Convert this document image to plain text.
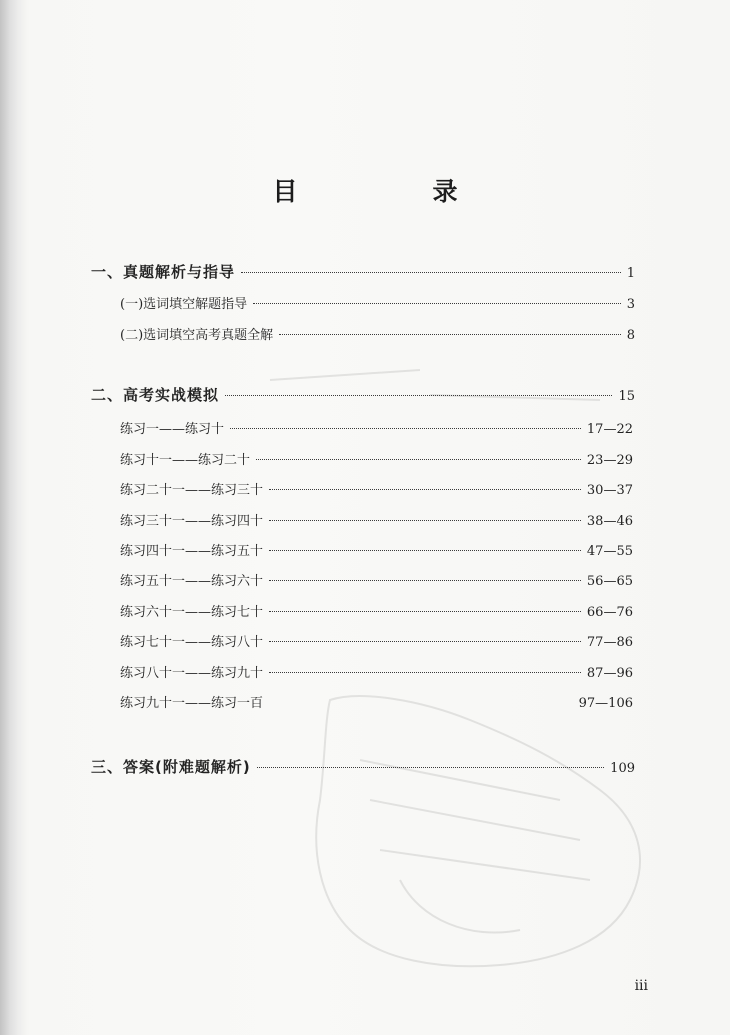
目　录
一、真题解析与指导	1
(一)选词填空解题指导	3
(二)选词填空高考真题全解	8
二、高考实战模拟	15
练习一——练习十	17—22
练习十一——练习二十	23—29
练习二十一——练习三十	30—37
练习三十一——练习四十	38—46
练习四十一——练习五十	47—55
练习五十一——练习六十	56—65
练习六十一——练习七十	66—76
练习七十一——练习八十	77—86
练习八十一——练习九十	87—96
练习九十一——练习一百	97—106
三、答案(附难题解析)	109
iii
